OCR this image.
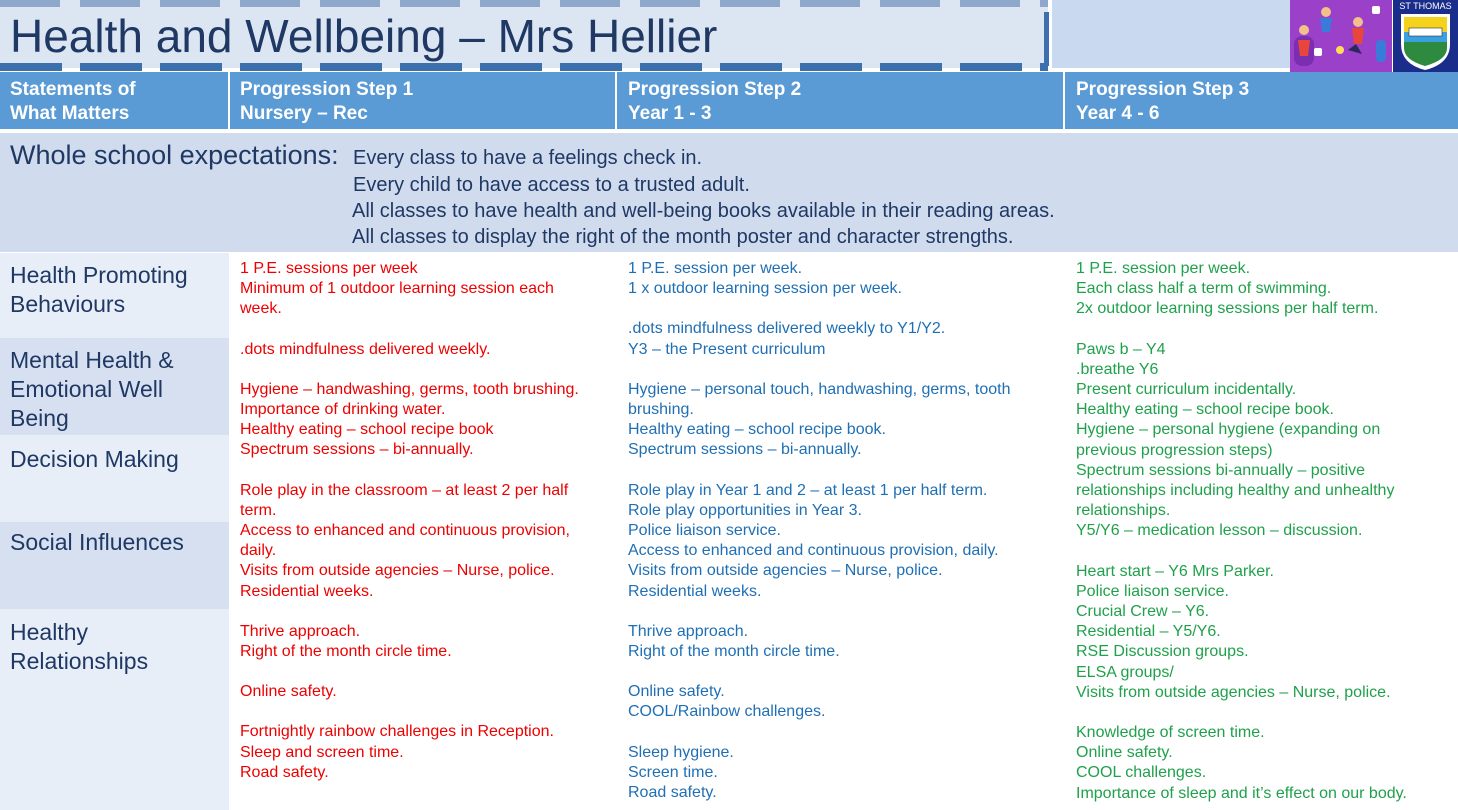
Health and Wellbeing – Mrs Hellier
ST THOMAS
Statements of
What Matters
Progression Step 1
Nursery – Rec
Progression Step 2
Year 1 - 3
Progression Step 3
Year 4 - 6
Whole school expectations: Every class to have a feelings check in.
Every child to have access to a trusted adult.
All classes to have health and well-being books available in their reading areas.
All classes to display the right of the month poster and character strengths.
Health Promoting
Behaviours
Mental Health &
Emotional Well
Being
Decision Making
Social Influences
Healthy
Relationships
1 P.E. sessions per week
Minimum of 1 outdoor learning session each
week.
.dots mindfulness delivered weekly.
Hygiene – handwashing, germs, tooth brushing.
Importance of drinking water.
Healthy eating – school recipe book
Spectrum sessions – bi-annually.
Role play in the classroom – at least 2 per half
term.
Access to enhanced and continuous provision,
daily.
Visits from outside agencies – Nurse, police.
Residential weeks.
Thrive approach.
Right of the month circle time.
Online safety.
Fortnightly rainbow challenges in Reception.
Sleep and screen time.
Road safety.
1 P.E. session per week.
1 x outdoor learning session per week.
.dots mindfulness delivered weekly to Y1/Y2.
Y3 – the Present curriculum
Hygiene – personal touch, handwashing, germs, tooth
brushing.
Healthy eating – school recipe book.
Spectrum sessions – bi-annually.
Role play in Year 1 and 2 – at least 1 per half term.
Role play opportunities in Year 3.
Police liaison service.
Access to enhanced and continuous provision, daily.
Visits from outside agencies – Nurse, police.
Residential weeks.
Thrive approach.
Right of the month circle time.
Online safety.
COOL/Rainbow challenges.
Sleep hygiene.
Screen time.
Road safety.
1 P.E. session per week.
Each class half a term of swimming.
2x outdoor learning sessions per half term.
Paws b – Y4
.breathe Y6
Present curriculum incidentally.
Healthy eating – school recipe book.
Hygiene – personal hygiene (expanding on
previous progression steps)
Spectrum sessions bi-annually – positive
relationships including healthy and unhealthy
relationships.
Y5/Y6 – medication lesson – discussion.
Heart start – Y6 Mrs Parker.
Police liaison service.
Crucial Crew – Y6.
Residential – Y5/Y6.
RSE Discussion groups.
ELSA groups/
Visits from outside agencies – Nurse, police.
Knowledge of screen time.
Online safety.
COOL challenges.
Importance of sleep and it’s effect on our body.
